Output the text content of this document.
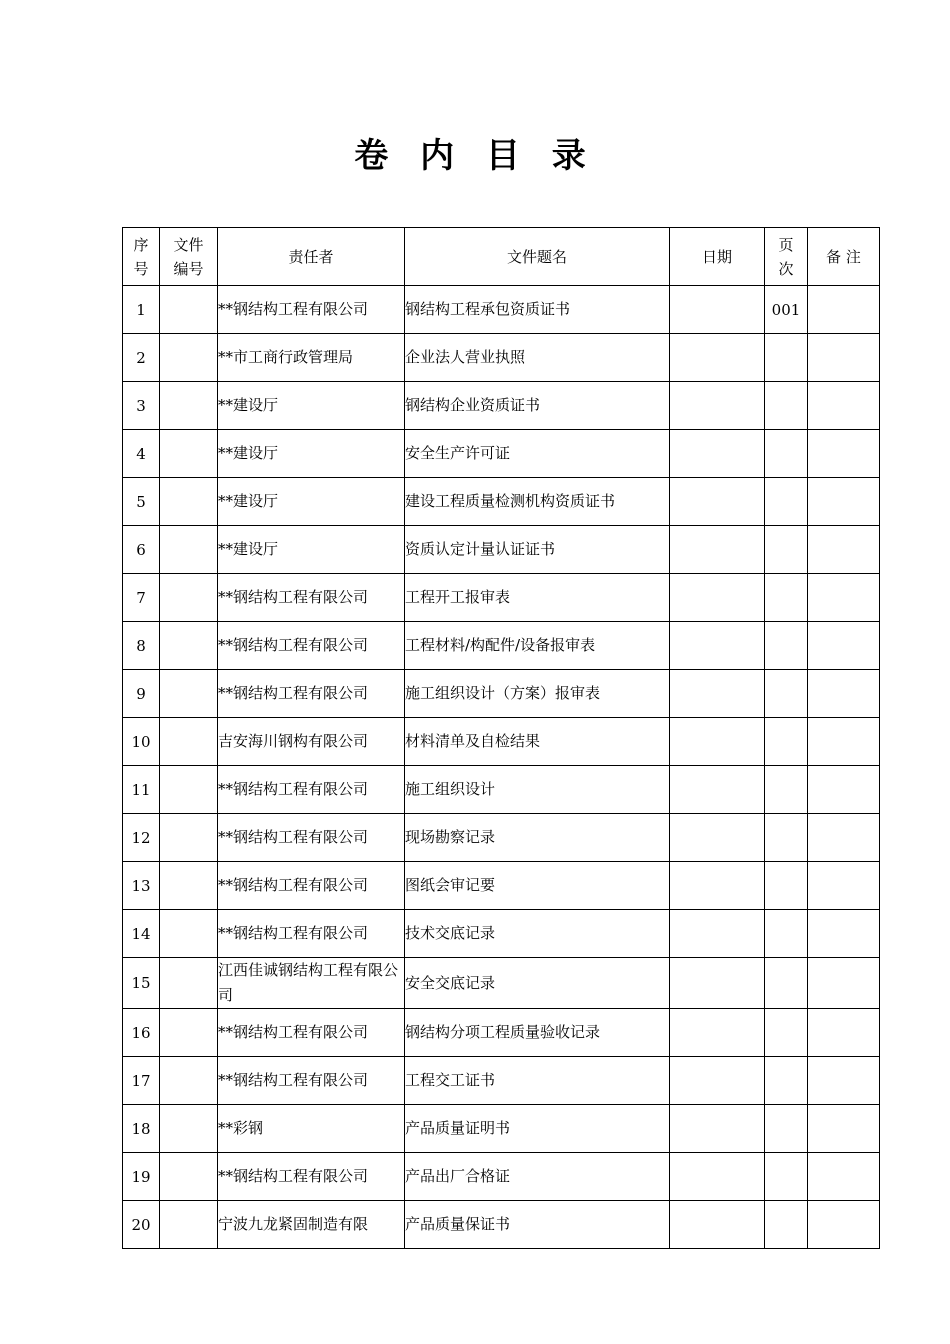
卷 内 目 录
序号	文件编号	责任者	文件题名	日期	页次	备 注
1		**钢结构工程有限公司	钢结构工程承包资质证书		001	
2		**市工商行政管理局	企业法人营业执照			
3		**建设厅	钢结构企业资质证书			
4		**建设厅	安全生产许可证			
5		**建设厅	建设工程质量检测机构资质证书			
6		**建设厅	资质认定计量认证证书			
7		**钢结构工程有限公司	工程开工报审表			
8		**钢结构工程有限公司	工程材料/构配件/设备报审表			
9		**钢结构工程有限公司	施工组织设计（方案）报审表			
10		吉安海川钢构有限公司	材料清单及自检结果			
11		**钢结构工程有限公司	施工组织设计			
12		**钢结构工程有限公司	现场勘察记录			
13		**钢结构工程有限公司	图纸会审记要			
14		**钢结构工程有限公司	技术交底记录			
15		江西佳诚钢结构工程有限公司	安全交底记录			
16		**钢结构工程有限公司	钢结构分项工程质量验收记录			
17		**钢结构工程有限公司	工程交工证书			
18		**彩钢	产品质量证明书			
19		**钢结构工程有限公司	产品出厂合格证			
20		宁波九龙紧固制造有限	产品质量保证书			
